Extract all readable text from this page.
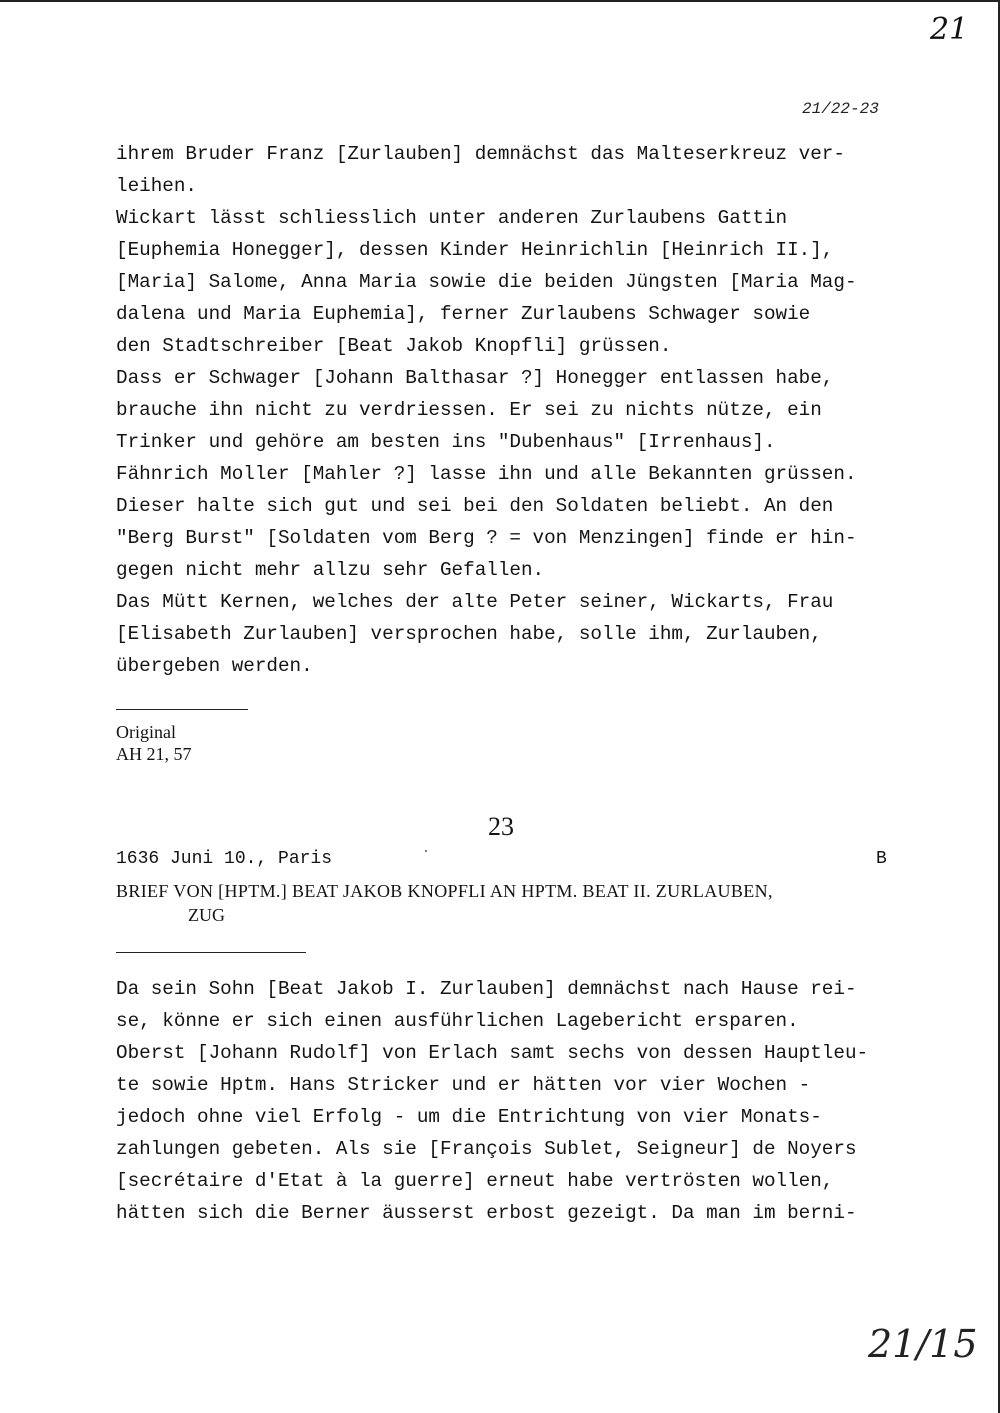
21
21/22-23
ihrem Bruder Franz [Zurlauben] demnächst das Malteserkreuz ver-
leihen.
Wickart lässt schliesslich unter anderen Zurlaubens Gattin
[Euphemia Honegger], dessen Kinder Heinrichlin [Heinrich II.],
[Maria] Salome, Anna Maria sowie die beiden Jüngsten [Maria Mag-
dalena und Maria Euphemia], ferner Zurlaubens Schwager sowie
den Stadtschreiber [Beat Jakob Knopfli] grüssen.
Dass er Schwager [Johann Balthasar ?] Honegger entlassen habe,
brauche ihn nicht zu verdriessen. Er sei zu nichts nütze, ein
Trinker und gehöre am besten ins "Dubenhaus" [Irrenhaus].
Fähnrich Moller [Mahler ?] lasse ihn und alle Bekannten grüssen.
Dieser halte sich gut und sei bei den Soldaten beliebt. An den
"Berg Burst" [Soldaten vom Berg ? = von Menzingen] finde er hin-
gegen nicht mehr allzu sehr Gefallen.
Das Mütt Kernen, welches der alte Peter seiner, Wickarts, Frau
[Elisabeth Zurlauben] versprochen habe, solle ihm, Zurlauben,
übergeben werden.
Original
AH 21, 57
23
1636 Juni 10., Paris	B
BRIEF VON [HPTM.] BEAT JAKOB KNOPFLI AN HPTM. BEAT II. ZURLAUBEN,
ZUG
Da sein Sohn [Beat Jakob I. Zurlauben] demnächst nach Hause rei-
se, könne er sich einen ausführlichen Lagebericht ersparen.
Oberst [Johann Rudolf] von Erlach samt sechs von dessen Hauptleu-
te sowie Hptm. Hans Stricker und er hätten vor vier Wochen -
jedoch ohne viel Erfolg - um die Entrichtung von vier Monats-
zahlungen gebeten. Als sie [François Sublet, Seigneur] de Noyers
[secrétaire d'Etat à la guerre] erneut habe vertrösten wollen,
hätten sich die Berner äusserst erbost gezeigt. Da man im berni-
21/15
